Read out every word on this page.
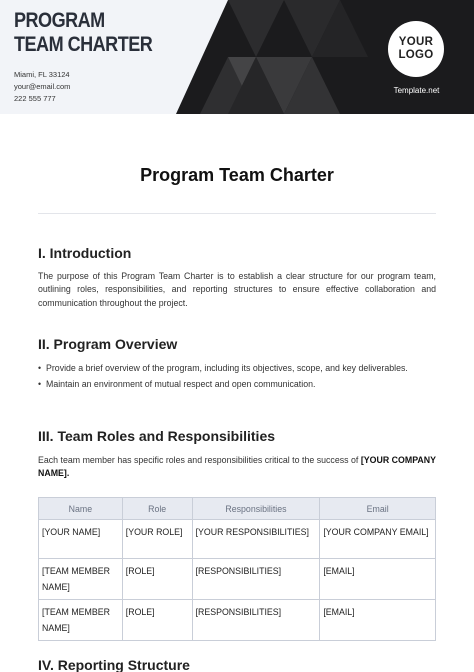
PROGRAM
TEAM CHARTER
Miami, FL 33124
your@email.com
222 555 777
YOUR
LOGO
Template.net
Program Team Charter
I. Introduction

The purpose of this Program Team Charter is to establish a clear structure for our program team, outlining roles, responsibilities, and reporting structures to ensure effective collaboration and communication throughout the project.

II. Program Overview
• Provide a brief overview of the program, including its objectives, scope, and key deliverables.
• Maintain an environment of mutual respect and open communication.
III. Team Roles and Responsibilities

Each team member has specific roles and responsibilities critical to the success of [YOUR COMPANY NAME].

Name	Role	Responsibilities	Email
[YOUR NAME]	[YOUR ROLE]	[YOUR RESPONSIBILITIES]	[YOUR COMPANY EMAIL]
[TEAM MEMBER NAME]	[ROLE]	[RESPONSIBILITIES]	[EMAIL]
[TEAM MEMBER NAME]	[ROLE]	[RESPONSIBILITIES]	[EMAIL]
IV. Reporting Structure
